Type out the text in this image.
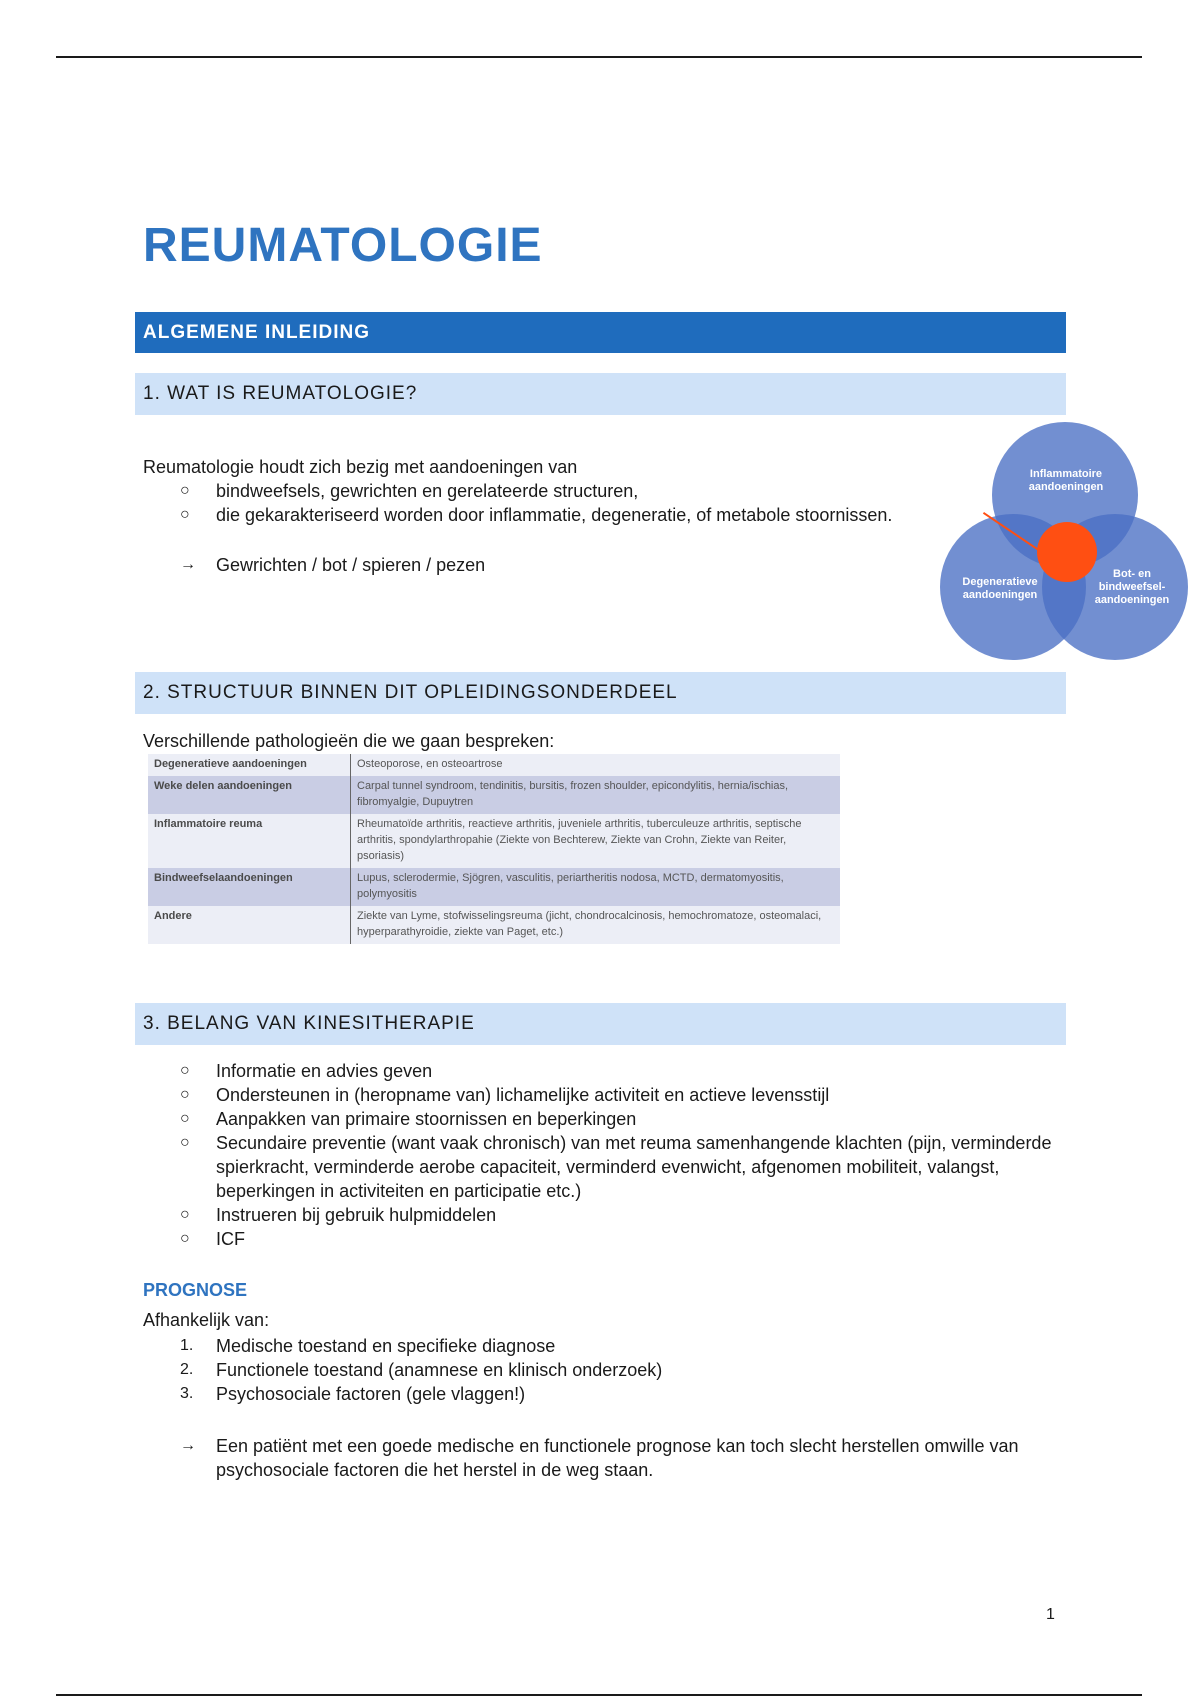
REUMATOLOGIE
ALGEMENE INLEIDING
1. WAT IS REUMATOLOGIE?

Reumatologie houdt zich bezig met aandoeningen van

○	bindweefsels, gewrichten en gerelateerde structuren,
○	die gekarakteriseerd worden door inflammatie, degeneratie, of metabole stoornissen.
→ Gewrichten / bot / spieren / pezen
Inflammatoire aandoeningen
Degeneratieve aandoeningen
Bot- en bindweefsel-aandoeningen
2. STRUCTUUR BINNEN DIT OPLEIDINGSONDERDEEL

Verschillende pathologieën die we gaan bespreken:

Degeneratieve aandoeningen	Osteoporose, en osteoartrose
Weke delen aandoeningen	Carpal tunnel syndroom, tendinitis, bursitis, frozen shoulder, epicondylitis, hernia/ischias, fibromyalgie, Dupuytren
Inflammatoire reuma	Rheumatoïde arthritis, reactieve arthritis, juveniele arthritis, tuberculeuze arthritis, septische arthritis, spondylarthropahie (Ziekte von Bechterew, Ziekte van Crohn, Ziekte van Reiter, psoriasis)
Bindweefselaandoeningen	Lupus, sclerodermie, Sjögren, vasculitis, periartheritis nodosa, MCTD, dermatomyositis, polymyositis
Andere	Ziekte van Lyme, stofwisselingsreuma (jicht, chondrocalcinosis, hemochromatoze, osteomalaci, hyperparathyroidie, ziekte van Paget, etc.)
3. BELANG VAN KINESITHERAPIE
○	Informatie en advies geven
○	Ondersteunen in (heropname van) lichamelijke activiteit en actieve levensstijl
○	Aanpakken van primaire stoornissen en beperkingen
○	Secundaire preventie (want vaak chronisch) van met reuma samenhangende klachten (pijn, verminderde spierkracht, verminderde aerobe capaciteit, verminderd evenwicht, afgenomen mobiliteit, valangst, beperkingen in activiteiten en participatie etc.)
○	Instrueren bij gebruik hulpmiddelen
○	ICF
PROGNOSE

Afhankelijk van:

1.	Medische toestand en specifieke diagnose
2.	Functionele toestand (anamnese en klinisch onderzoek)
3.	Psychosociale factoren (gele vlaggen!)
→ Een patiënt met een goede medische en functionele prognose kan toch slecht herstellen omwille van psychosociale factoren die het herstel in de weg staan.
1
